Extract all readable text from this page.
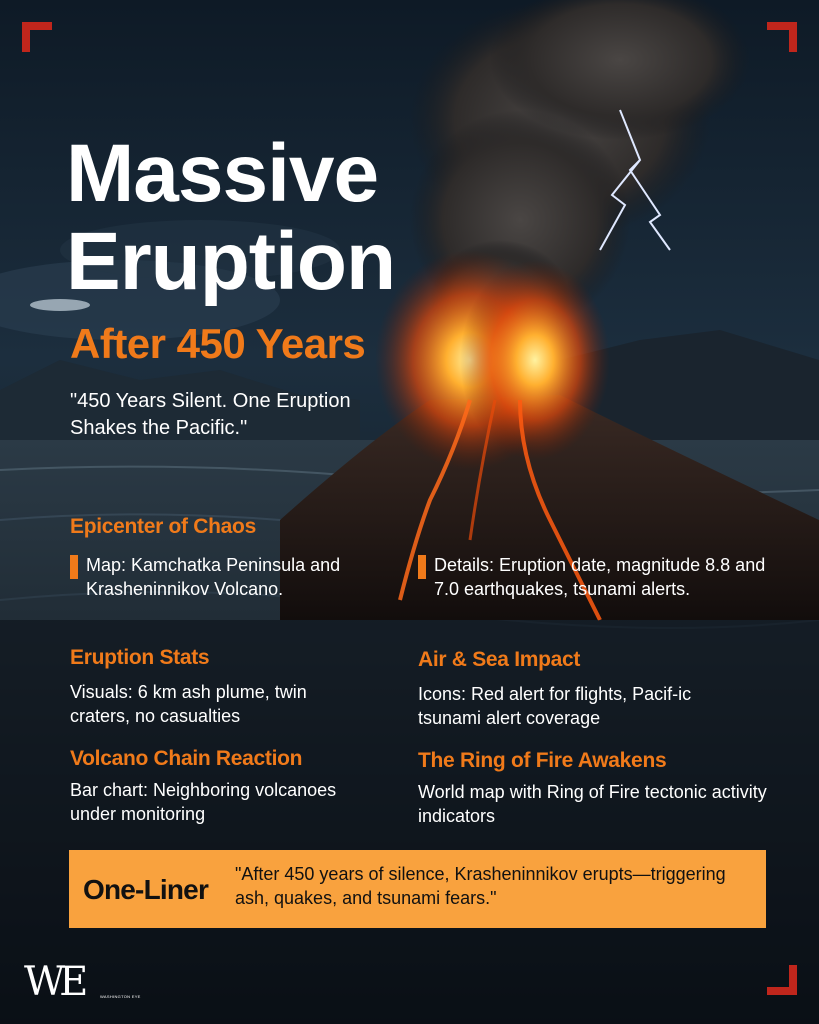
Massive
Eruption
After 450 Years
"450 Years Silent. One Eruption Shakes the Pacific."
Epicenter of Chaos
Map: Kamchatka Peninsula and Krasheninnikov Volcano.
Details: Eruption date, magnitude 8.8 and 7.0 earthquakes, tsunami alerts.
Eruption Stats
Visuals: 6 km ash plume, twin craters, no casualties
Air & Sea Impact
Icons: Red alert for flights, Pacif-ic tsunami alert coverage
Volcano Chain Reaction
Bar chart: Neighboring volcanoes under monitoring
The Ring of Fire Awakens
World map with Ring of Fire tectonic activity indicators
One-Liner "After 450 years of silence, Krasheninnikov erupts—triggering ash, quakes, and tsunami fears."
WE	WASHINGTON EYE
